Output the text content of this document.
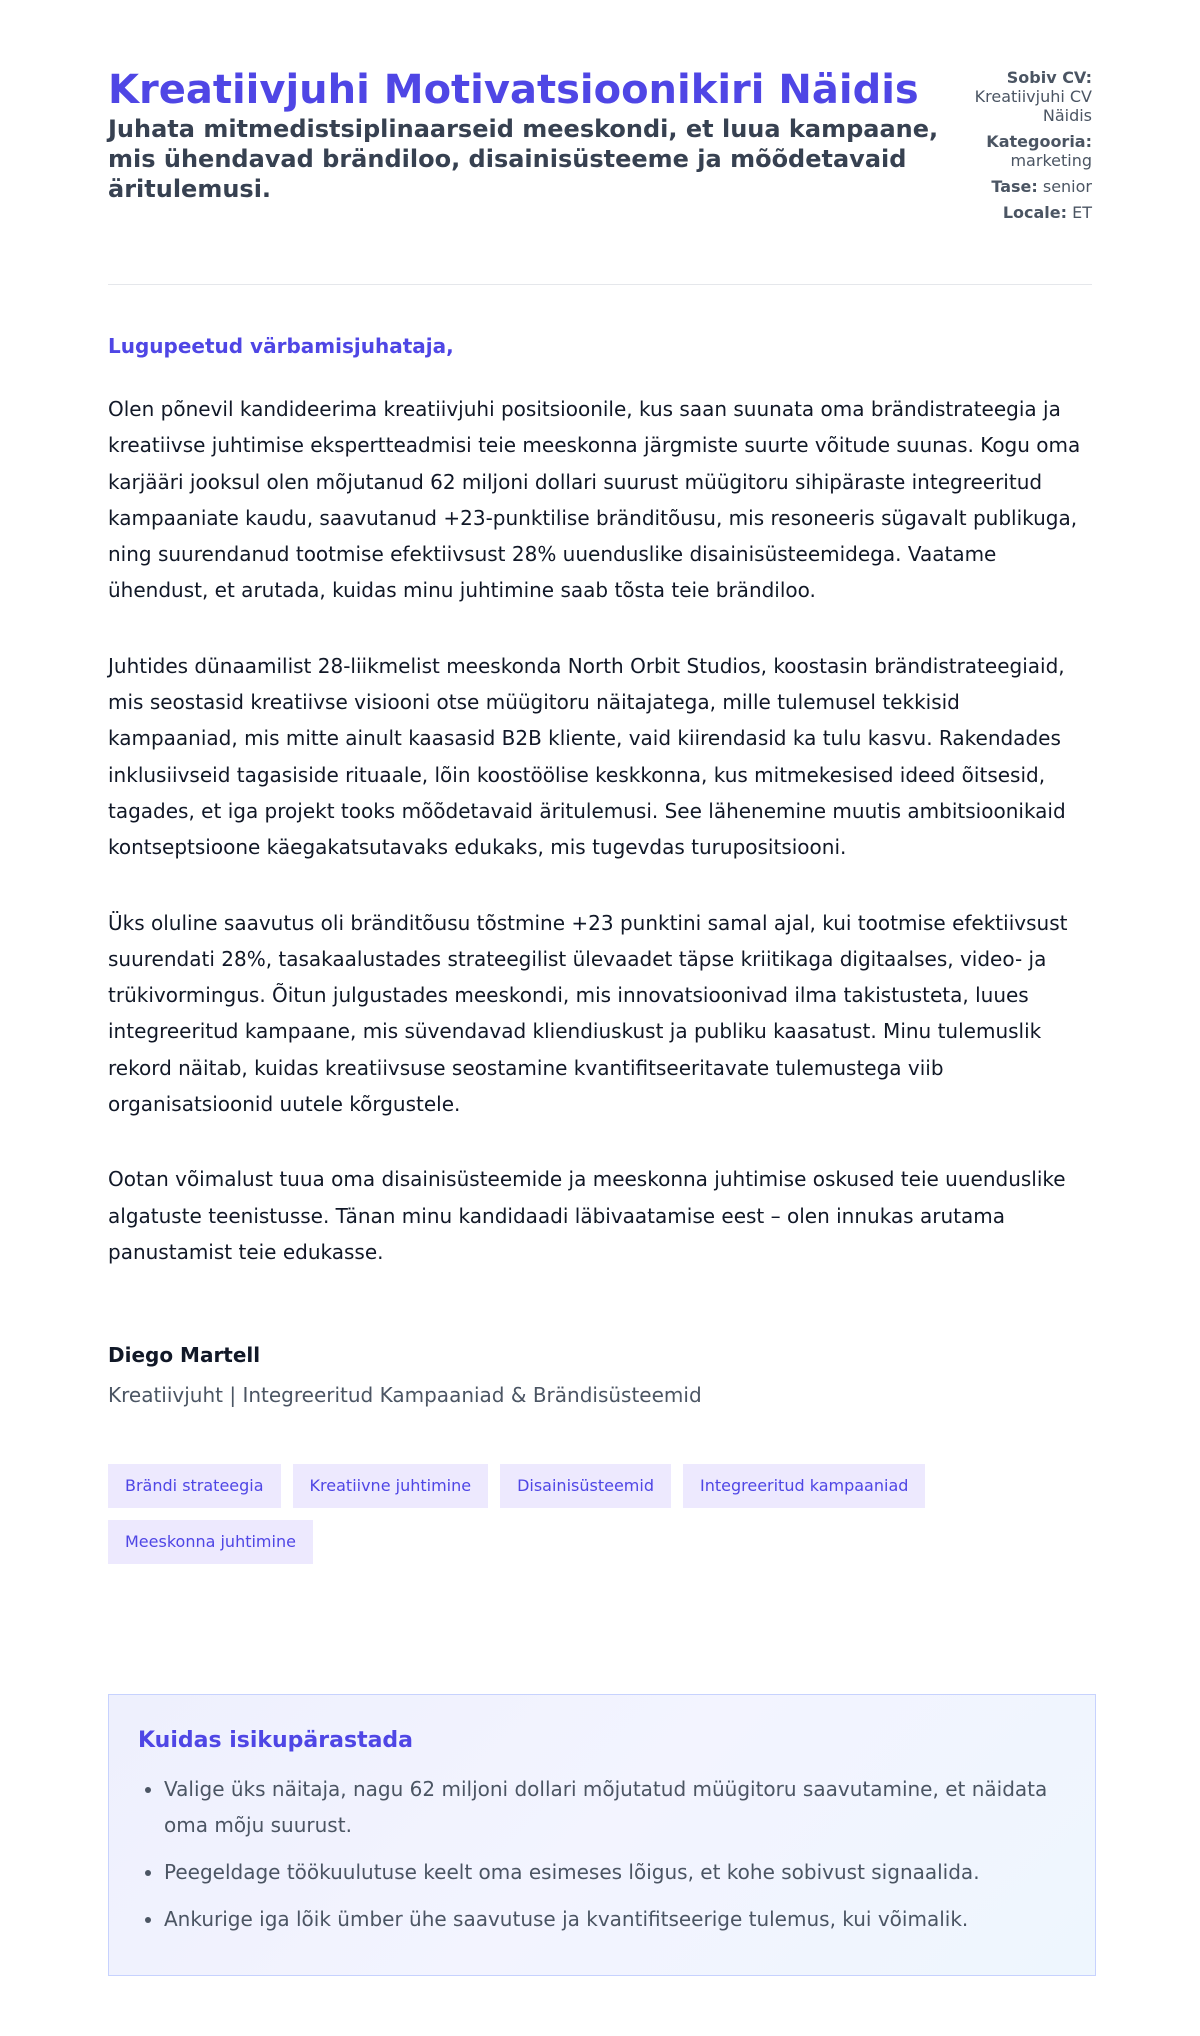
Kreatiivjuhi Motivatsioonikiri Näidis

Juhata mitmedistsiplinaarseid meeskondi, et luua kampaane, mis ühendavad brändiloo, disainisüsteeme ja mõõdetavaid äritulemusi.

Sobiv CV:
Kreatiivjuhi CV Näidis
Kategooria:
marketing
Tase: senior
Locale: ET

Lugupeetud värbamisjuhataja,

Olen põnevil kandideerima kreatiivjuhi positsioonile, kus saan suunata oma brändistrateegia ja kreatiivse juhtimise ekspertteadmisi teie meeskonna järgmiste suurte võitude suunas. Kogu oma karjääri jooksul olen mõjutanud 62 miljoni dollari suurust müügitoru sihipäraste integreeritud kampaaniate kaudu, saavutanud +23-punktilise bränditõusu, mis resoneeris sügavalt publikuga, ning suurendanud tootmise efektiivsust 28% uuenduslike disainisüsteemidega. Vaatame ühendust, et arutada, kuidas minu juhtimine saab tõsta teie brändiloo.

Juhtides dünaamilist 28-liikmelist meeskonda North Orbit Studios, koostasin brändistrateegiaid, mis seostasid kreatiivse visiooni otse müügitoru näitajatega, mille tulemusel tekkisid kampaaniad, mis mitte ainult kaasasid B2B kliente, vaid kiirendasid ka tulu kasvu. Rakendades inklusiivseid tagasiside rituaale, lõin koostöölise keskkonna, kus mitmekesised ideed õitsesid, tagades, et iga projekt tooks mõõdetavaid äritulemusi. See lähenemine muutis ambitsioonikaid kontseptsioone käegakatsutavaks edukaks, mis tugevdas turupositsiooni.

Üks oluline saavutus oli bränditõusu tõstmine +23 punktini samal ajal, kui tootmise efektiivsust suurendati 28%, tasakaalustades strateegilist ülevaadet täpse kriitikaga digitaalses, video- ja trükivormingus. Õitun julgustades meeskondi, mis innovatsioonivad ilma takistusteta, luues integreeritud kampaane, mis süvendavad kliendiuskust ja publiku kaasatust. Minu tulemuslik rekord näitab, kuidas kreatiivsuse seostamine kvantifitseeritavate tulemustega viib organisatsioonid uutele kõrgustele.

Ootan võimalust tuua oma disainisüsteemide ja meeskonna juhtimise oskused teie uuenduslike algatuste teenistusse. Tänan minu kandidaadi läbivaatamise eest – olen innukas arutama panustamist teie edukasse.

Diego Martell

Kreatiivjuht | Integreeritud Kampaaniad & Brändisüsteemid

Brändi strateegia	Kreatiivne juhtimine	Disainisüsteemid	Integreeritud kampaaniad
Meeskonna juhtimine
Kuidas isikupärastada
• Valige üks näitaja, nagu 62 miljoni dollari mõjutatud müügitoru saavutamine, et näidata oma mõju suurust.
• Peegeldage töökuulutuse keelt oma esimeses lõigus, et kohe sobivust signaalida.
• Ankurige iga lõik ümber ühe saavutuse ja kvantifitseerige tulemus, kui võimalik.
